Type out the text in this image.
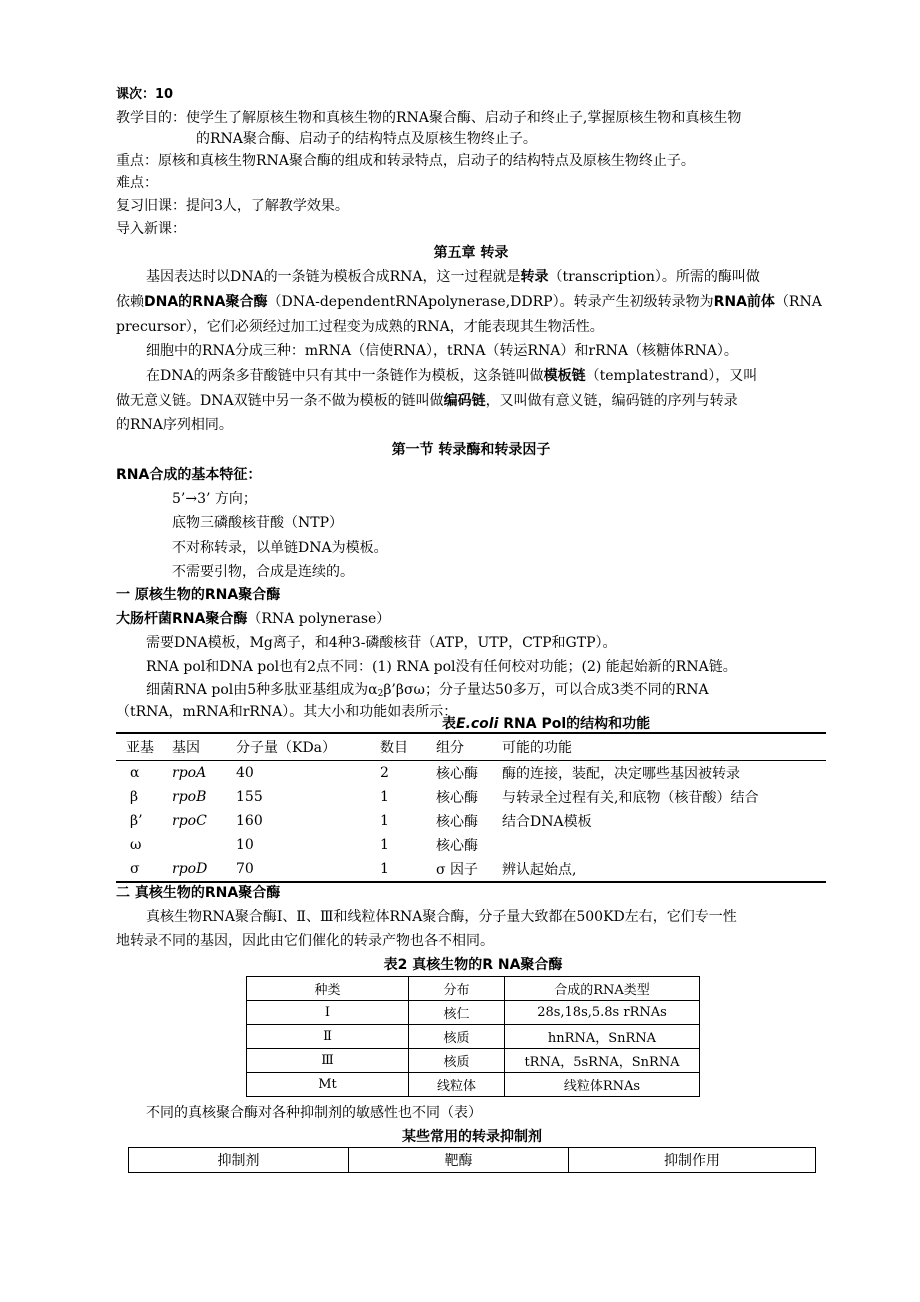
课次：10
教学目的：使学生了解原核生物和真核生物的RNA聚合酶、启动子和终止子,掌握原核生物和真核生物
的RNA聚合酶、启动子的结构特点及原核生物终止子。
重点：原核和真核生物RNA聚合酶的组成和转录特点，启动子的结构特点及原核生物终止子。
难点：
复习旧课：提问3人，了解教学效果。
导入新课：
第五章 转录
基因表达时以DNA的一条链为模板合成RNA，这一过程就是转录（transcription）。所需的酶叫做
依赖DNA的RNA聚合酶（DNA-dependentRNApolynerase,DDRP）。转录产生初级转录物为RNA前体（RNA
precursor），它们必须经过加工过程变为成熟的RNA，才能表现其生物活性。
细胞中的RNA分成三种：mRNA（信使RNA），tRNA（转运RNA）和rRNA（核糖体RNA）。
在DNA的两条多苷酸链中只有其中一条链作为模板，这条链叫做模板链（templatestrand），又叫
做无意义链。DNA双链中另一条不做为模板的链叫做编码链，又叫做有意义链，编码链的序列与转录
的RNA序列相同。
第一节 转录酶和转录因子
RNA合成的基本特征：
5’→3’ 方向；
底物三磷酸核苷酸（NTP）
不对称转录，以单链DNA为模板。
不需要引物，合成是连续的。
一 原核生物的RNA聚合酶
大肠杆菌RNA聚合酶（RNA polynerase）
需要DNA模板，Mg离子，和4种3-磷酸核苷（ATP，UTP，CTP和GTP）。
RNA pol和DNA pol也有2点不同：(1) RNA pol没有任何校对功能；(2) 能起始新的RNA链。
细菌RNA pol由5种多肽亚基组成为$\alpha_2\beta’\beta\sigma\omega$；分子量达50多万，可以合成3类不同的RNA
（tRNA，mRNA和rRNA）。其大小和功能如表所示：
表E.coli RNA Pol的结构和功能
亚基	基因	分子量（KDa）	数目	组分	可能的功能
α	rpoA	40	2	核心酶	酶的连接，装配，决定哪些基因被转录
β	rpoB	155	1	核心酶	与转录全过程有关,和底物（核苷酸）结合
β’	rpoC	160	1	核心酶	结合DNA模板
ω		10	1	核心酶	
σ	rpoD	70	1	σ 因子	辨认起始点,
二 真核生物的RNA聚合酶
真核生物RNA聚合酶Ⅰ、Ⅱ、Ⅲ和线粒体RNA聚合酶，分子量大致都在500KD左右，它们专一性
地转录不同的基因，因此由它们催化的转录产物也各不相同。
表2 真核生物的R NA聚合酶
种类	分布	合成的RNA类型
Ⅰ	核仁	28s,18s,5.8s rRNAs
Ⅱ	核质	hnRNA，SnRNA
Ⅲ	核质	tRNA，5sRNA，SnRNA
Mt	线粒体	线粒体RNAs
不同的真核聚合酶对各种抑制剂的敏感性也不同（表）
某些常用的转录抑制剂
抑制剂	靶酶	抑制作用
